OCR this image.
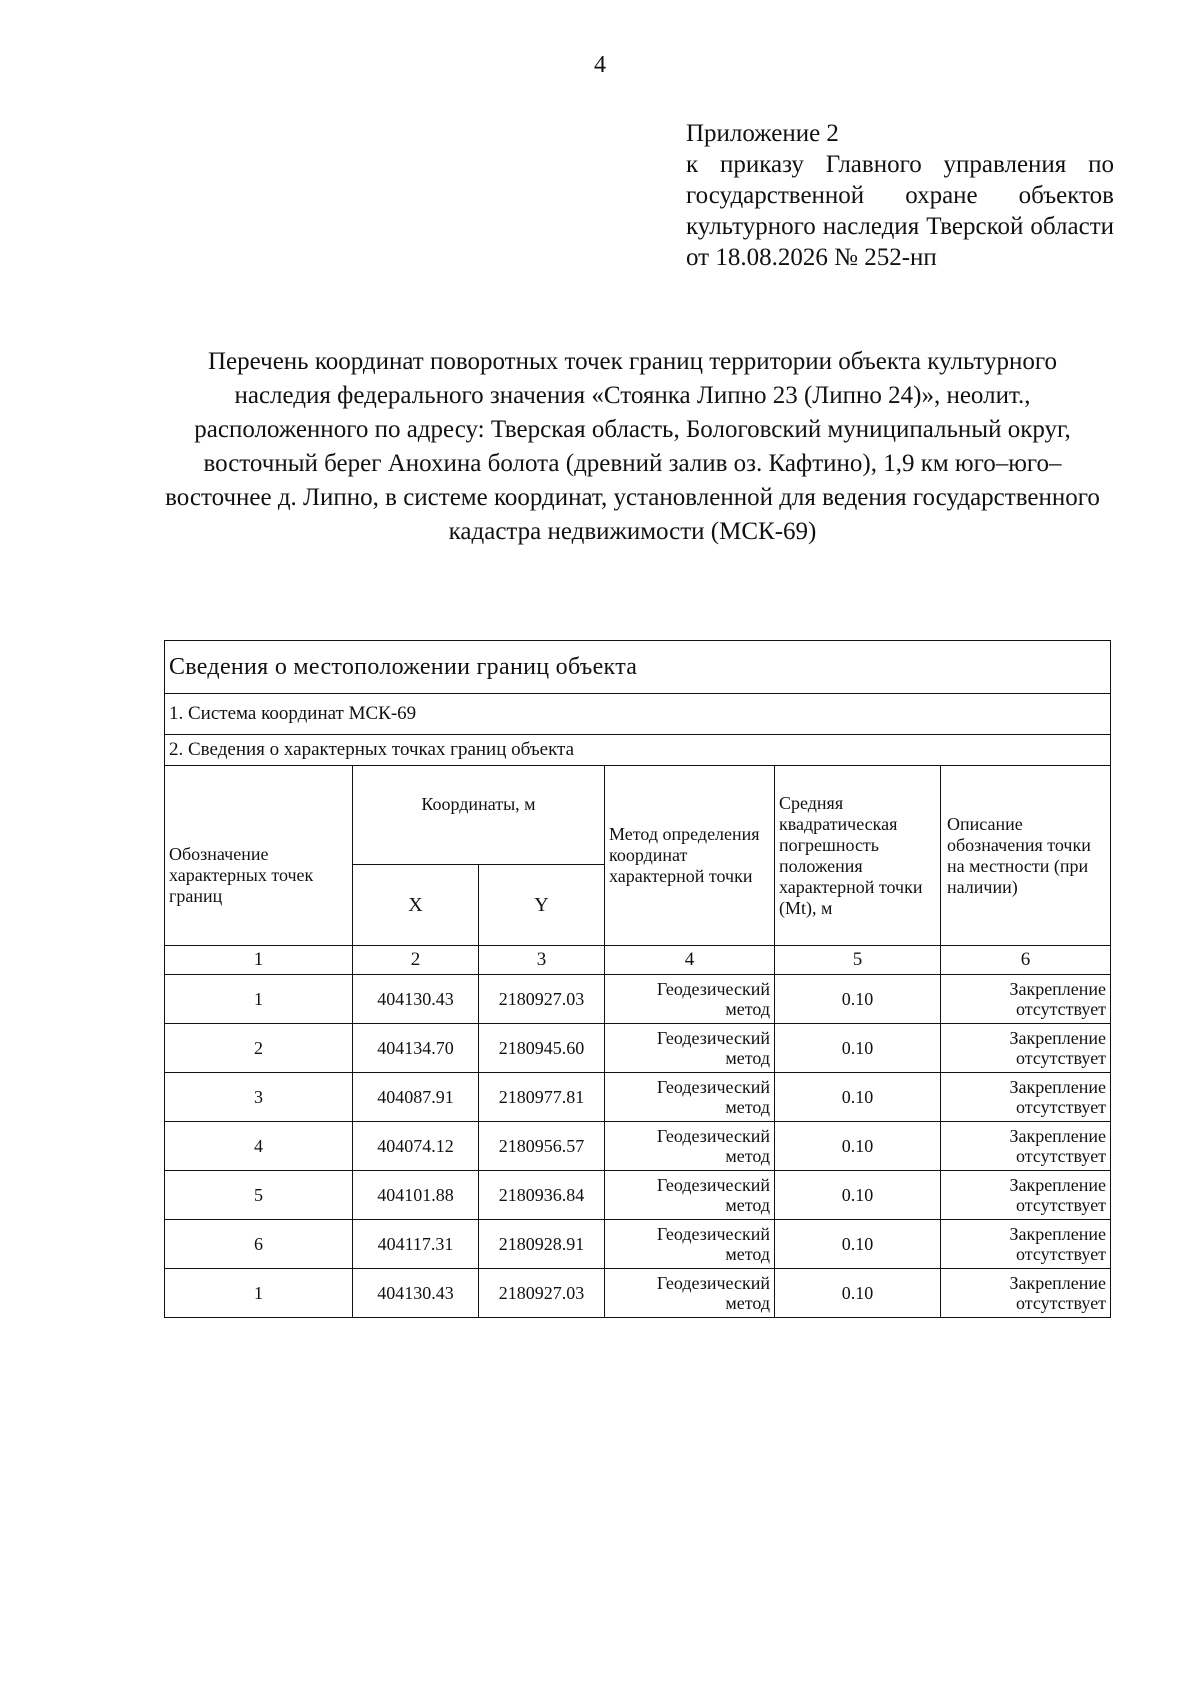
4
Приложение 2
к приказу Главного управления по государственной охране объектов культурного наследия Тверской области от 18.08.2026 № 252-нп
Перечень координат поворотных точек границ территории объекта культурного наследия федерального значения «Стоянка Липно 23 (Липно 24)», неолит., расположенного по адресу: Тверская область, Бологовский муниципальный округ, восточный берег Анохина болота (древний залив оз. Кафтино), 1,9 км юго–юго–восточнее д. Липно, в системе координат, установленной для ведения государственного кадастра недвижимости (МСК-69)
Сведения о местоположении границ объекта					
1. Система координат МСК-69					
2. Сведения о характерных точках границ объекта					
Обозначение характерных точек границ	Координаты, м		Метод определения координат характерной точки	Средняя квадратическая погрешность положения характерной точки (Mt), м	Описание обозначения точки на местности (при наличии)
	X	Y			
1	2	3	4	5	6
1	404130.43	2180927.03	Геодезический метод	0.10	Закрепление отсутствует
2	404134.70	2180945.60	Геодезический метод	0.10	Закрепление отсутствует
3	404087.91	2180977.81	Геодезический метод	0.10	Закрепление отсутствует
4	404074.12	2180956.57	Геодезический метод	0.10	Закрепление отсутствует
5	404101.88	2180936.84	Геодезический метод	0.10	Закрепление отсутствует
6	404117.31	2180928.91	Геодезический метод	0.10	Закрепление отсутствует
1	404130.43	2180927.03	Геодезический метод	0.10	Закрепление отсутствует
